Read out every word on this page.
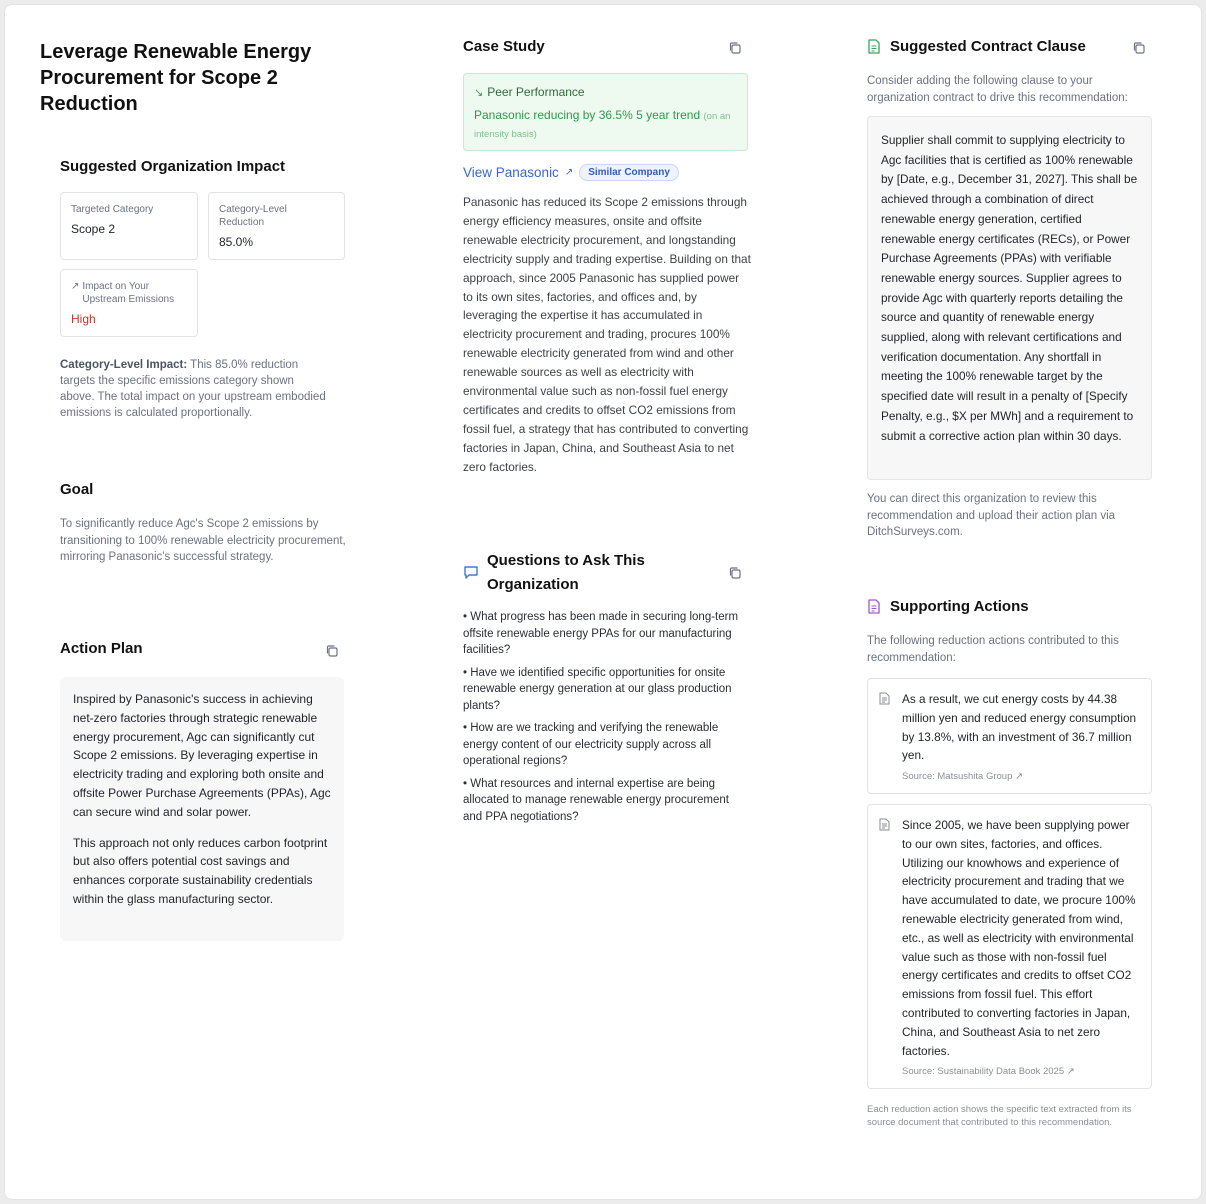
Leverage Renewable Energy Procurement for Scope 2 Reduction
Suggested Organization Impact
Targeted Category
Scope 2
Category-Level Reduction
85.0%
↗ Impact on Your Upstream Emissions
High
Category-Level Impact: This 85.0% reduction targets the specific emissions category shown above. The total impact on your upstream embodied emissions is calculated proportionally.
Goal
To significantly reduce Agc's Scope 2 emissions by transitioning to 100% renewable electricity procurement, mirroring Panasonic's successful strategy.
Action Plan

Inspired by Panasonic's success in achieving net-zero factories through strategic renewable energy procurement, Agc can significantly cut Scope 2 emissions. By leveraging expertise in electricity trading and exploring both onsite and offsite Power Purchase Agreements (PPAs), Agc can secure wind and solar power.

This approach not only reduces carbon footprint but also offers potential cost savings and enhances corporate sustainability credentials within the glass manufacturing sector.

Case Study
↘ Peer Performance
Panasonic reducing by 36.5% 5 year trend (on an intensity basis)
View Panasonic ↗	Similar Company
Panasonic has reduced its Scope 2 emissions through energy efficiency measures, onsite and offsite renewable electricity procurement, and longstanding electricity supply and trading expertise. Building on that approach, since 2005 Panasonic has supplied power to its own sites, factories, and offices and, by leveraging the expertise it has accumulated in electricity procurement and trading, procures 100% renewable electricity generated from wind and other renewable sources as well as electricity with environmental value such as non-fossil fuel energy certificates and credits to offset CO2 emissions from fossil fuel, a strategy that has contributed to converting factories in Japan, China, and Southeast Asia to net zero factories.
Questions to Ask This Organization
• What progress has been made in securing long-term offsite renewable energy PPAs for our manufacturing facilities?
• Have we identified specific opportunities for onsite renewable energy generation at our glass production plants?
• How are we tracking and verifying the renewable energy content of our electricity supply across all operational regions?
• What resources and internal expertise are being allocated to manage renewable energy procurement and PPA negotiations?
Suggested Contract Clause
Consider adding the following clause to your organization contract to drive this recommendation:
Supplier shall commit to supplying electricity to Agc facilities that is certified as 100% renewable by [Date, e.g., December 31, 2027]. This shall be achieved through a combination of direct renewable energy generation, certified renewable energy certificates (RECs), or Power Purchase Agreements (PPAs) with verifiable renewable energy sources. Supplier agrees to provide Agc with quarterly reports detailing the source and quantity of renewable energy supplied, along with relevant certifications and verification documentation. Any shortfall in meeting the 100% renewable target by the specified date will result in a penalty of [Specify Penalty, e.g., $X per MWh] and a requirement to submit a corrective action plan within 30 days.
You can direct this organization to review this recommendation and upload their action plan via DitchSurveys.com.
Supporting Actions
The following reduction actions contributed to this recommendation:
As a result, we cut energy costs by 44.38 million yen and reduced energy consumption by 13.8%, with an investment of 36.7 million yen.
Source: Matsushita Group ↗
Since 2005, we have been supplying power to our own sites, factories, and offices. Utilizing our knowhows and experience of electricity procurement and trading that we have accumulated to date, we procure 100% renewable electricity generated from wind, etc., as well as electricity with environmental value such as those with non-fossil fuel energy certificates and credits to offset CO2 emissions from fossil fuel. This effort contributed to converting factories in Japan, China, and Southeast Asia to net zero factories.
Source: Sustainability Data Book 2025 ↗
Each reduction action shows the specific text extracted from its source document that contributed to this recommendation.
